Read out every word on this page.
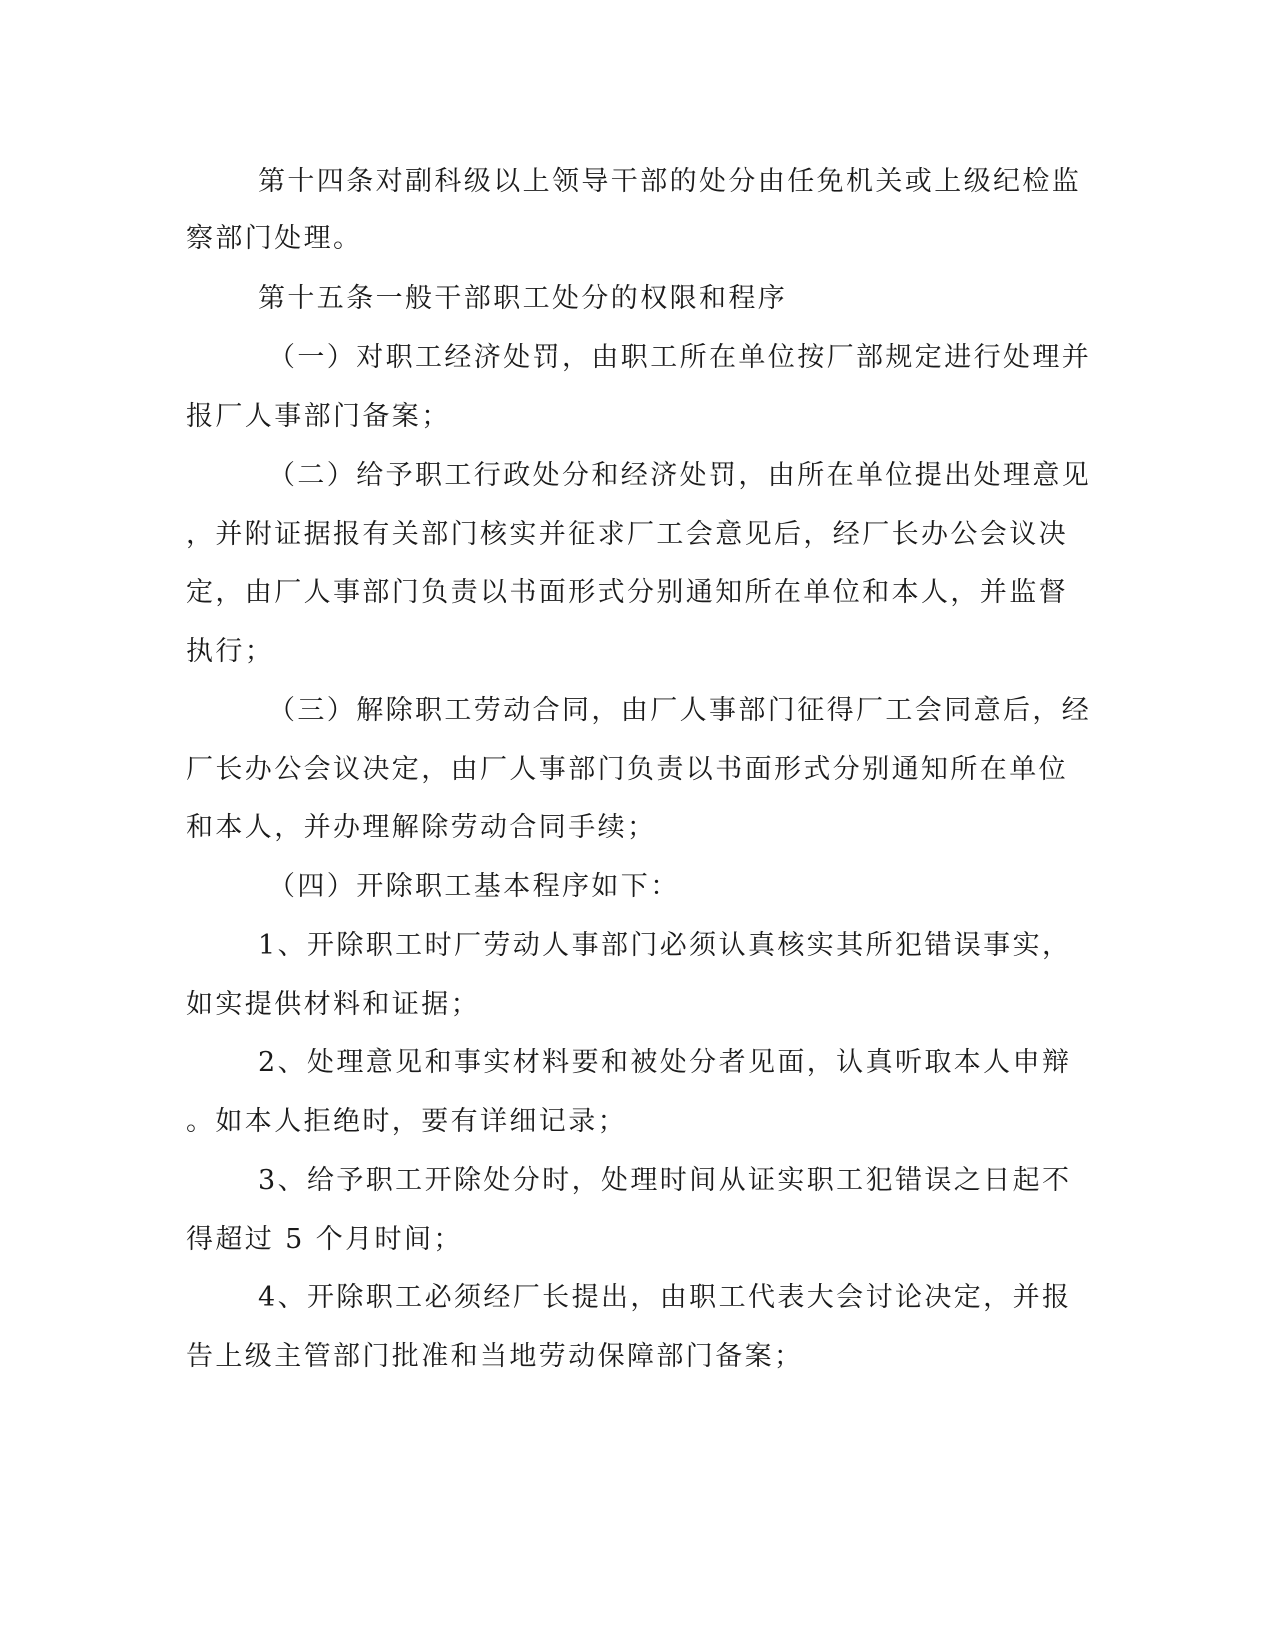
第十四条对副科级以上领导干部的处分由任免机关或上级纪检监
察部门处理。
第十五条一般干部职工处分的权限和程序
（一）对职工经济处罚，由职工所在单位按厂部规定进行处理并
报厂人事部门备案；
（二）给予职工行政处分和经济处罚，由所在单位提出处理意见
，并附证据报有关部门核实并征求厂工会意见后，经厂长办公会议决
定，由厂人事部门负责以书面形式分别通知所在单位和本人，并监督
执行；
（三）解除职工劳动合同，由厂人事部门征得厂工会同意后，经
厂长办公会议决定，由厂人事部门负责以书面形式分别通知所在单位
和本人，并办理解除劳动合同手续；
（四）开除职工基本程序如下：
1、开除职工时厂劳动人事部门必须认真核实其所犯错误事实，
如实提供材料和证据；
2、处理意见和事实材料要和被处分者见面，认真听取本人申辩
。如本人拒绝时，要有详细记录；
3、给予职工开除处分时，处理时间从证实职工犯错误之日起不
得超过 5 个月时间；
4、开除职工必须经厂长提出，由职工代表大会讨论决定，并报
告上级主管部门批准和当地劳动保障部门备案；
